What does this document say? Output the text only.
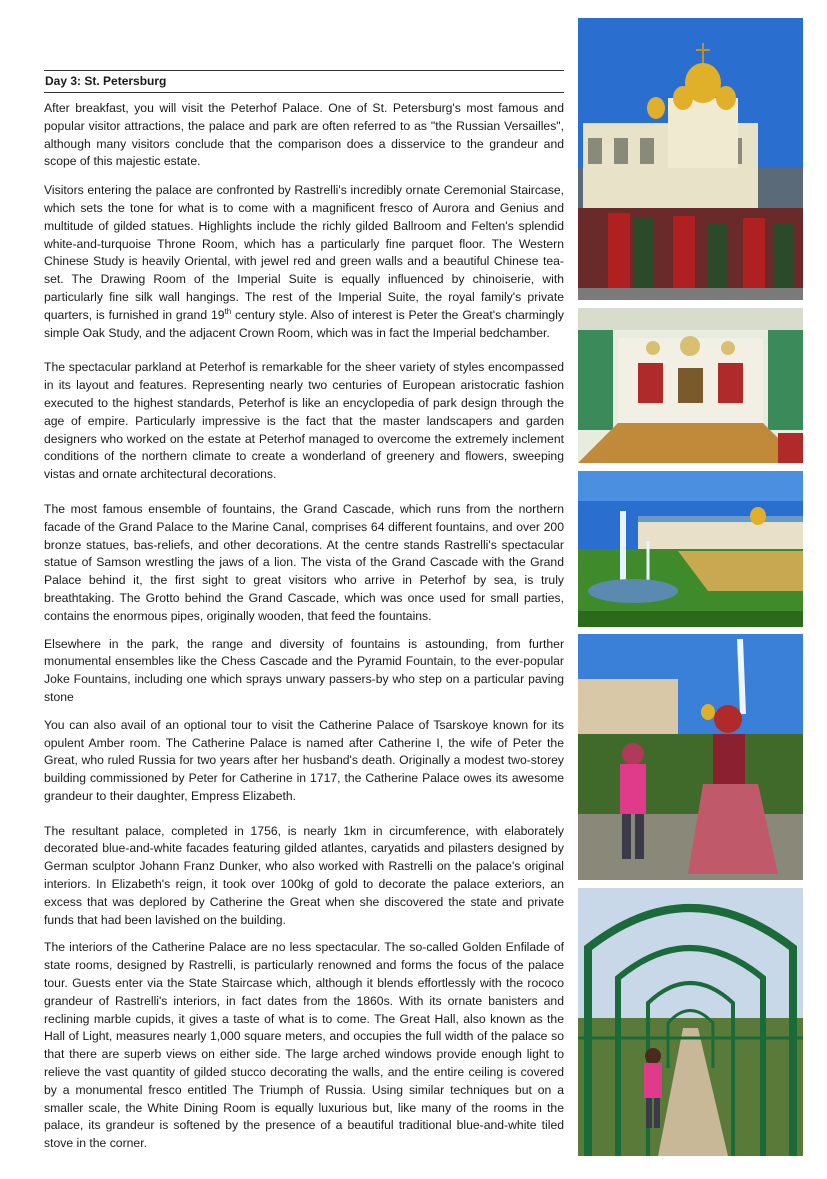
Day 3: St. Petersburg

After breakfast, you will visit the Peterhof Palace. One of St. Petersburg's most famous and popular visitor attractions, the palace and park are often referred to as "the Russian Versailles", although many visitors conclude that the comparison does a disservice to the grandeur and scope of this majestic estate.

Visitors entering the palace are confronted by Rastrelli's incredibly ornate Ceremonial Staircase, which sets the tone for what is to come with a magnificent fresco of Aurora and Genius and multitude of gilded statues. Highlights include the richly gilded Ballroom and Felten's splendid white-and-turquoise Throne Room, which has a particularly fine parquet floor. The Western Chinese Study is heavily Oriental, with jewel red and green walls and a beautiful Chinese tea-set. The Drawing Room of the Imperial Suite is equally influenced by chinoiserie, with particularly fine silk wall hangings. The rest of the Imperial Suite, the royal family's private quarters, is furnished in grand 19th century style. Also of interest is Peter the Great's charmingly simple Oak Study, and the adjacent Crown Room, which was in fact the Imperial bedchamber.

The spectacular parkland at Peterhof is remarkable for the sheer variety of styles encompassed in its layout and features. Representing nearly two centuries of European aristocratic fashion executed to the highest standards, Peterhof is like an encyclopedia of park design through the age of empire. Particularly impressive is the fact that the master landscapers and garden designers who worked on the estate at Peterhof managed to overcome the extremely inclement conditions of the northern climate to create a wonderland of greenery and flowers, sweeping vistas and ornate architectural decorations.

The most famous ensemble of fountains, the Grand Cascade, which runs from the northern facade of the Grand Palace to the Marine Canal, comprises 64 different fountains, and over 200 bronze statues, bas-reliefs, and other decorations. At the centre stands Rastrelli's spectacular statue of Samson wrestling the jaws of a lion. The vista of the Grand Cascade with the Grand Palace behind it, the first sight to great visitors who arrive in Peterhof by sea, is truly breathtaking. The Grotto behind the Grand Cascade, which was once used for small parties, contains the enormous pipes, originally wooden, that feed the fountains.

Elsewhere in the park, the range and diversity of fountains is astounding, from further monumental ensembles like the Chess Cascade and the Pyramid Fountain, to the ever-popular Joke Fountains, including one which sprays unwary passers-by who step on a particular paving stone

You can also avail of an optional tour to visit the Catherine Palace of Tsarskoye known for its opulent Amber room. The Catherine Palace is named after Catherine I, the wife of Peter the Great, who ruled Russia for two years after her husband's death. Originally a modest two-storey building commissioned by Peter for Catherine in 1717, the Catherine Palace owes its awesome grandeur to their daughter, Empress Elizabeth.

The resultant palace, completed in 1756, is nearly 1km in circumference, with elaborately decorated blue-and-white facades featuring gilded atlantes, caryatids and pilasters designed by German sculptor Johann Franz Dunker, who also worked with Rastrelli on the palace's original interiors. In Elizabeth's reign, it took over 100kg of gold to decorate the palace exteriors, an excess that was deplored by Catherine the Great when she discovered the state and private funds that had been lavished on the building.

The interiors of the Catherine Palace are no less spectacular. The so-called Golden Enfilade of state rooms, designed by Rastrelli, is particularly renowned and forms the focus of the palace tour. Guests enter via the State Staircase which, although it blends effortlessly with the rococo grandeur of Rastrelli's interiors, in fact dates from the 1860s. With its ornate banisters and reclining marble cupids, it gives a taste of what is to come. The Great Hall, also known as the Hall of Light, measures nearly 1,000 square meters, and occupies the full width of the palace so that there are superb views on either side. The large arched windows provide enough light to relieve the vast quantity of gilded stucco decorating the walls, and the entire ceiling is covered by a monumental fresco entitled The Triumph of Russia. Using similar techniques but on a smaller scale, the White Dining Room is equally luxurious but, like many of the rooms in the palace, its grandeur is softened by the presence of a beautiful traditional blue-and-white tiled stove in the corner.
